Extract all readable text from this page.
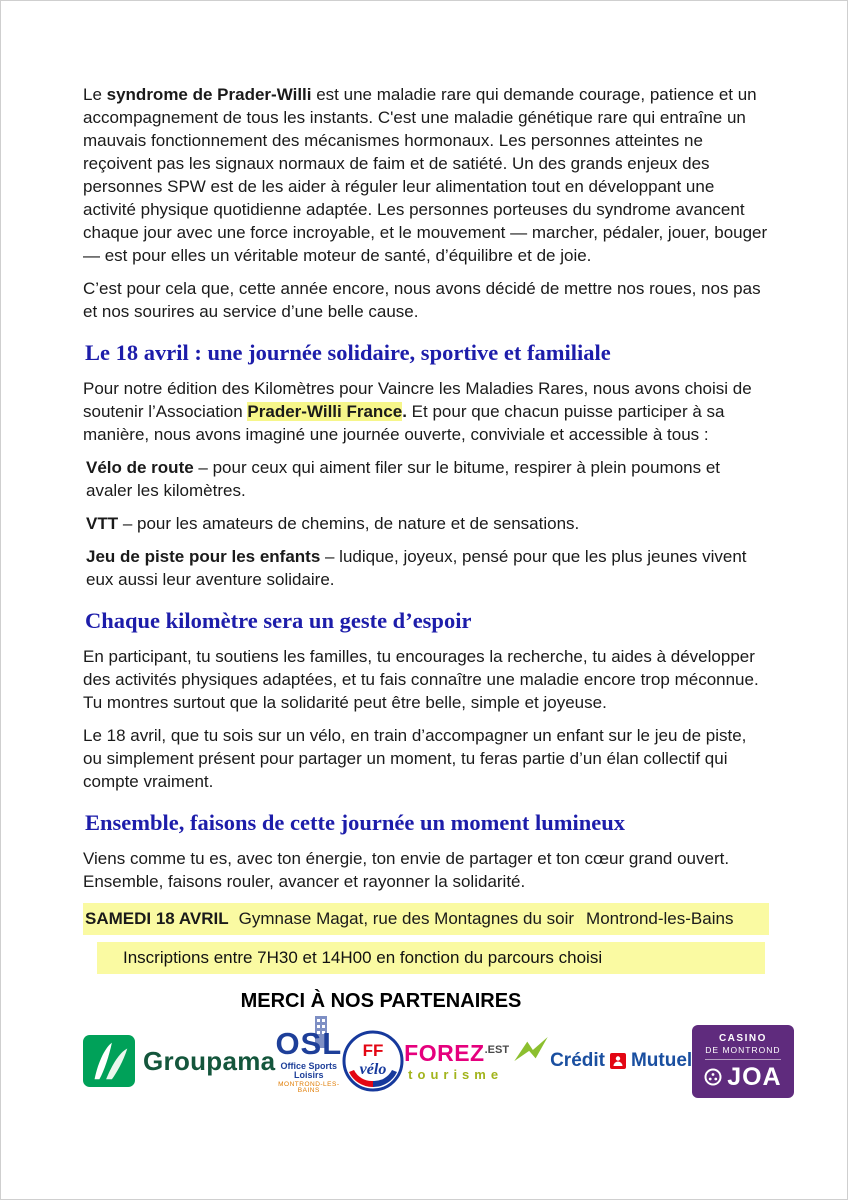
Le syndrome de Prader-Willi est une maladie rare qui demande courage, patience et un accompagnement de tous les instants. C'est une maladie génétique rare qui entraîne un mauvais fonctionnement des mécanismes hormonaux. Les personnes atteintes ne reçoivent pas les signaux normaux de faim et de satiété. Un des grands enjeux des personnes SPW est de les aider à réguler leur alimentation tout en développant une activité physique quotidienne adaptée. Les personnes porteuses du syndrome avancent chaque jour avec une force incroyable, et le mouvement — marcher, pédaler, jouer, bouger — est pour elles un véritable moteur de santé, d’équilibre et de joie.

C’est pour cela que, cette année encore, nous avons décidé de mettre nos roues, nos pas et nos sourires au service d’une belle cause.

Le 18 avril : une journée solidaire, sportive et familiale

Pour notre édition des Kilomètres pour Vaincre les Maladies Rares, nous avons choisi de soutenir l’Association Prader-Willi France. Et pour que chacun puisse participer à sa manière, nous avons imaginé une journée ouverte, conviviale et accessible à tous :

Vélo de route – pour ceux qui aiment filer sur le bitume, respirer à plein poumons et avaler les kilomètres.

VTT – pour les amateurs de chemins, de nature et de sensations.

Jeu de piste pour les enfants – ludique, joyeux, pensé pour que les plus jeunes vivent eux aussi leur aventure solidaire.

Chaque kilomètre sera un geste d’espoir

En participant, tu soutiens les familles, tu encourages la recherche, tu aides à développer des activités physiques adaptées, et tu fais connaître une maladie encore trop méconnue. Tu montres surtout que la solidarité peut être belle, simple et joyeuse.

Le 18 avril, que tu sois sur un vélo, en train d’accompagner un enfant sur le jeu de piste, ou simplement présent pour partager un moment, tu feras partie d’un élan collectif qui compte vraiment.

Ensemble, faisons de cette journée un moment lumineux

Viens comme tu es, avec ton énergie, ton envie de partager et ton cœur grand ouvert. Ensemble, faisons rouler, avancer et rayonner la solidarité.

SAMEDI 18 AVRIL Gymnase Magat, rue des Montagnes du soir Montrond-les-Bains
Inscriptions entre 7H30 et 14H00 en fonction du parcours choisi
MERCI À NOS PARTENAIRES
Groupama OSL
Office Sports Loisirs
MONTROND-LES-BAINS
FF
vélo
FOREZ .EST
tourisme
Crédit Mutuel
CASINO
DE MONTROND
JOA
